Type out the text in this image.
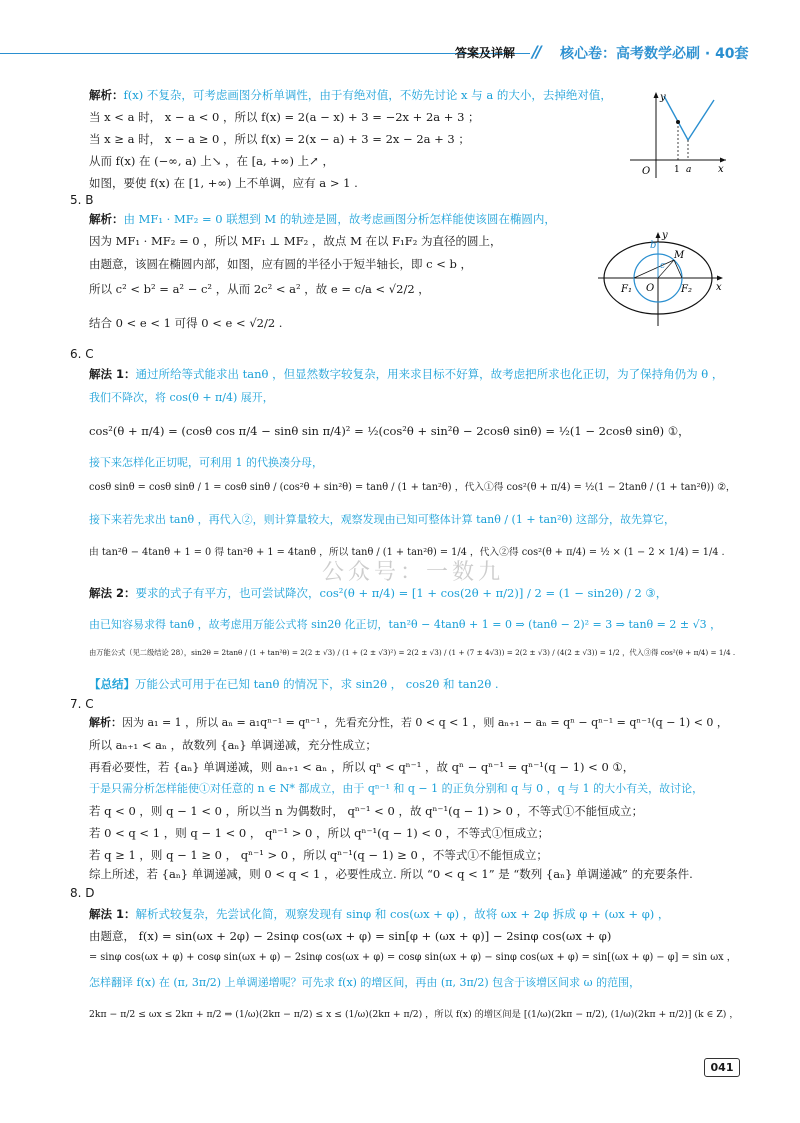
答案及详解 // 核心卷：高考数学必刷 · 40套
y
x
O	1 a
y
x
O
F₁	F₂
b
c
M
公众号：一数九
5. B
6. C
7. C
8. D
解析：f(x) 不复杂，可考虑画图分析单调性，由于有绝对值，不妨先讨论 x 与 a 的大小，去掉绝对值，
当 x < a 时， x − a < 0 ，所以 f(x) = 2(a − x) + 3 = −2x + 2a + 3 ；
当 x ≥ a 时， x − a ≥ 0 ，所以 f(x) = 2(x − a) + 3 = 2x − 2a + 3 ；
从而 f(x) 在 (−∞, a) 上↘ ，在 [a, +∞) 上↗ ，
如图，要使 f(x) 在 [1, +∞) 上不单调，应有 a > 1 .
解析：由 MF₁ · MF₂ = 0 联想到 M 的轨迹是圆，故考虑画图分析怎样能使该圆在椭圆内，
因为 MF₁ · MF₂ = 0 ，所以 MF₁ ⊥ MF₂ ，故点 M 在以 F₁F₂ 为直径的圆上，
由题意，该圆在椭圆内部，如图，应有圆的半径小于短半轴长，即 c < b ，
所以 c² < b² = a² − c² ，从而 2c² < a² ，故 e = c/a < √2/2 ，
结合 0 < e < 1 可得 0 < e < √2/2 .
解法 1：通过所给等式能求出 tanθ ，但显然数字较复杂，用来求目标不好算，故考虑把所求也化正切，为了保持角仍为 θ ，
我们不降次，将 cos(θ + π/4) 展开，
cos²(θ + π/4) = (cosθ cos π/4 − sinθ sin π/4)² = ½(cos²θ + sin²θ − 2cosθ sinθ) = ½(1 − 2cosθ sinθ) ①，
接下来怎样化正切呢，可利用 1 的代换凑分母，
cosθ sinθ = cosθ sinθ / 1 = cosθ sinθ / (cos²θ + sin²θ) = tanθ / (1 + tan²θ) ，代入①得 cos²(θ + π/4) = ½(1 − 2tanθ / (1 + tan²θ)) ②，
接下来若先求出 tanθ ，再代入②，则计算量较大，观察发现由已知可整体计算 tanθ / (1 + tan²θ) 这部分，故先算它，
由 tan²θ − 4tanθ + 1 = 0 得 tan²θ + 1 = 4tanθ ，所以 tanθ / (1 + tan²θ) = 1/4 ，代入②得 cos²(θ + π/4) = ½ × (1 − 2 × 1/4) = 1/4 .
解法 2：要求的式子有平方，也可尝试降次，cos²(θ + π/4) = [1 + cos(2θ + π/2)] / 2 = (1 − sin2θ) / 2 ③，
由已知容易求得 tanθ ，故考虑用万能公式将 sin2θ 化正切，tan²θ − 4tanθ + 1 = 0 ⇒ (tanθ − 2)² = 3 ⇒ tanθ = 2 ± √3 ，
由万能公式（见二级结论 28），sin2θ = 2tanθ / (1 + tan²θ) = 2(2 ± √3) / (1 + (2 ± √3)²) = 2(2 ± √3) / (1 + (7 ± 4√3)) = 2(2 ± √3) / (4(2 ± √3)) = 1/2 ，代入③得 cos²(θ + π/4) = 1/4 .
【总结】万能公式可用于在已知 tanθ 的情况下，求 sin2θ ， cos2θ 和 tan2θ .
解析：因为 a₁ = 1 ，所以 aₙ = a₁qⁿ⁻¹ = qⁿ⁻¹ ，先看充分性，若 0 < q < 1 ，则 aₙ₊₁ − aₙ = qⁿ − qⁿ⁻¹ = qⁿ⁻¹(q − 1) < 0 ，
所以 aₙ₊₁ < aₙ ，故数列 {aₙ} 单调递减，充分性成立；
再看必要性，若 {aₙ} 单调递减，则 aₙ₊₁ < aₙ ，所以 qⁿ < qⁿ⁻¹ ，故 qⁿ − qⁿ⁻¹ = qⁿ⁻¹(q − 1) < 0 ①，
于是只需分析怎样能使①对任意的 n ∈ N* 都成立，由于 qⁿ⁻¹ 和 q − 1 的正负分别和 q 与 0 ，q 与 1 的大小有关，故讨论，
若 q < 0 ，则 q − 1 < 0 ，所以当 n 为偶数时， qⁿ⁻¹ < 0 ，故 qⁿ⁻¹(q − 1) > 0 ，不等式①不能恒成立；
若 0 < q < 1 ，则 q − 1 < 0 ， qⁿ⁻¹ > 0 ，所以 qⁿ⁻¹(q − 1) < 0 ，不等式①恒成立；
若 q ≥ 1 ，则 q − 1 ≥ 0 ， qⁿ⁻¹ > 0 ，所以 qⁿ⁻¹(q − 1) ≥ 0 ，不等式①不能恒成立；
综上所述，若 {aₙ} 单调递减，则 0 < q < 1 ，必要性成立. 所以 “0 < q < 1” 是 “数列 {aₙ} 单调递减” 的充要条件.
解法 1：解析式较复杂，先尝试化简，观察发现有 sinφ 和 cos(ωx + φ) ，故将 ωx + 2φ 拆成 φ + (ωx + φ) ，
由题意， f(x) = sin(ωx + 2φ) − 2sinφ cos(ωx + φ) = sin[φ + (ωx + φ)] − 2sinφ cos(ωx + φ)
= sinφ cos(ωx + φ) + cosφ sin(ωx + φ) − 2sinφ cos(ωx + φ) = cosφ sin(ωx + φ) − sinφ cos(ωx + φ) = sin[(ωx + φ) − φ] = sin ωx ，
怎样翻译 f(x) 在 (π, 3π/2) 上单调递增呢？可先求 f(x) 的增区间，再由 (π, 3π/2) 包含于该增区间求 ω 的范围，
2kπ − π/2 ≤ ωx ≤ 2kπ + π/2 ⇒ (1/ω)(2kπ − π/2) ≤ x ≤ (1/ω)(2kπ + π/2) ，所以 f(x) 的增区间是 [(1/ω)(2kπ − π/2), (1/ω)(2kπ + π/2)] (k ∈ Z) ，
041
